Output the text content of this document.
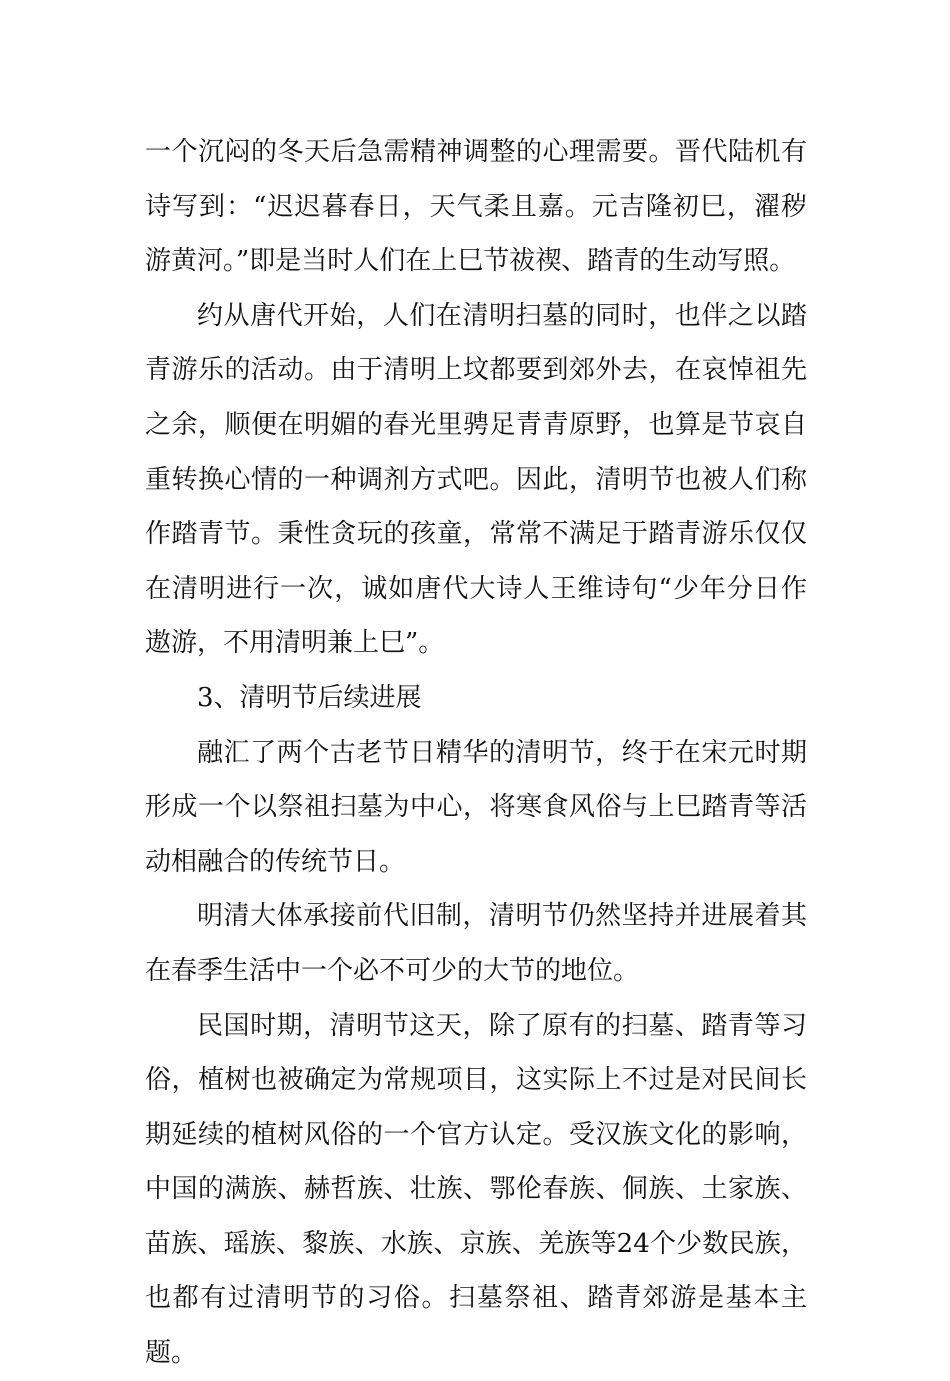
一个沉闷的冬天后急需精神调整的心理需要。晋代陆机有诗写到：“迟迟暮春日，天气柔且嘉。元吉隆初巳，濯秽游黄河。”即是当时人们在上巳节祓禊、踏青的生动写照。

约从唐代开始，人们在清明扫墓的同时，也伴之以踏青游乐的活动。由于清明上坟都要到郊外去，在哀悼祖先之余，顺便在明媚的春光里骋足青青原野，也算是节哀自重转换心情的一种调剂方式吧。因此，清明节也被人们称作踏青节。秉性贪玩的孩童，常常不满足于踏青游乐仅仅在清明进行一次，诚如唐代大诗人王维诗句“少年分日作遨游，不用清明兼上巳”。

3、清明节后续进展

融汇了两个古老节日精华的清明节，终于在宋元时期形成一个以祭祖扫墓为中心，将寒食风俗与上巳踏青等活动相融合的传统节日。

明清大体承接前代旧制，清明节仍然坚持并进展着其在春季生活中一个必不可少的大节的地位。

民国时期，清明节这天，除了原有的扫墓、踏青等习俗，植树也被确定为常规项目，这实际上不过是对民间长期延续的植树风俗的一个官方认定。受汉族文化的影响，中国的满族、赫哲族、壮族、鄂伦春族、侗族、土家族、苗族、瑶族、黎族、水族、京族、羌族等24个少数民族，也都有过清明节的习俗。扫墓祭祖、踏青郊游是基本主题。
